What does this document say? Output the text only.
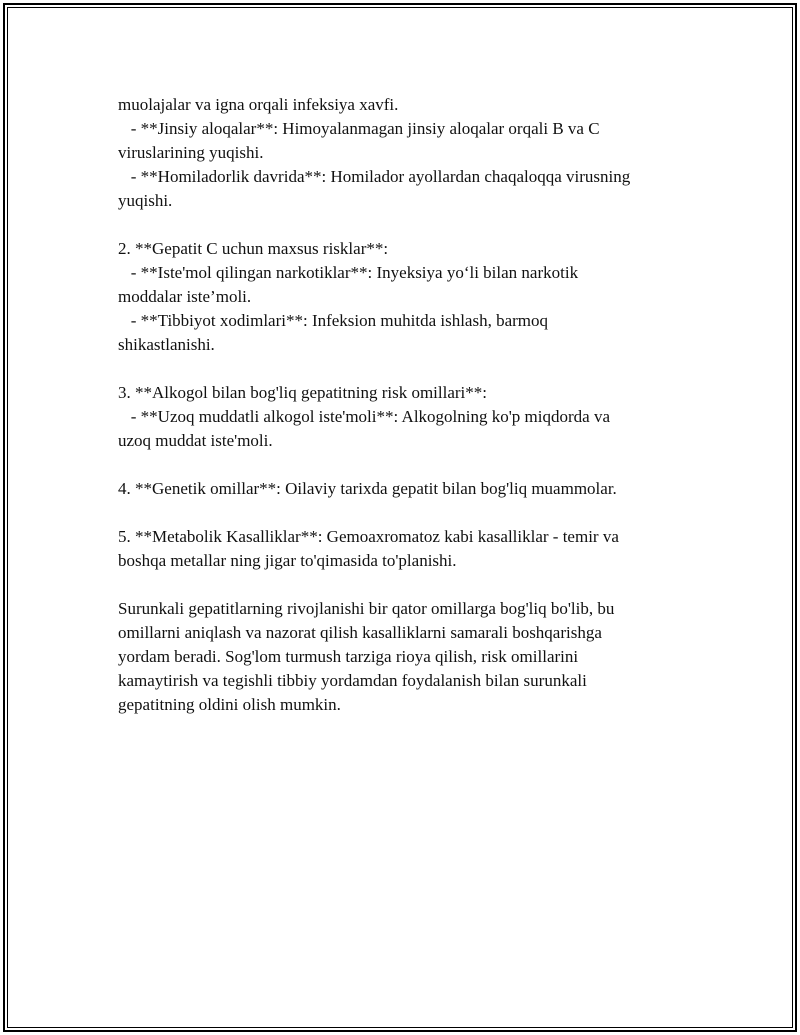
muolajalar va igna orqali infeksiya xavfi.
- **Jinsiy aloqalar**: Himoyalanmagan jinsiy aloqalar orqali B va C
viruslarining yuqishi.
- **Homiladorlik davrida**: Homilador ayollardan chaqaloqqa virusning
yuqishi.
2. **Gepatit C uchun maxsus risklar**:
- **Iste'mol qilingan narkotiklar**: Inyeksiya yo‘li bilan narkotik
moddalar iste’moli.
- **Tibbiyot xodimlari**: Infeksion muhitda ishlash, barmoq
shikastlanishi.
3. **Alkogol bilan bog'liq gepatitning risk omillari**:
- **Uzoq muddatli alkogol iste'moli**: Alkogolning ko'p miqdorda va
uzoq muddat iste'moli.
4. **Genetik omillar**: Oilaviy tarixda gepatit bilan bog'liq muammolar.
5. **Metabolik Kasalliklar**: Gemoaxromatoz kabi kasalliklar - temir va
boshqa metallar ning jigar to'qimasida to'planishi.
Surunkali gepatitlarning rivojlanishi bir qator omillarga bog'liq bo'lib, bu
omillarni aniqlash va nazorat qilish kasalliklarni samarali boshqarishga
yordam beradi. Sog'lom turmush tarziga rioya qilish, risk omillarini
kamaytirish va tegishli tibbiy yordamdan foydalanish bilan surunkali
gepatitning oldini olish mumkin.
